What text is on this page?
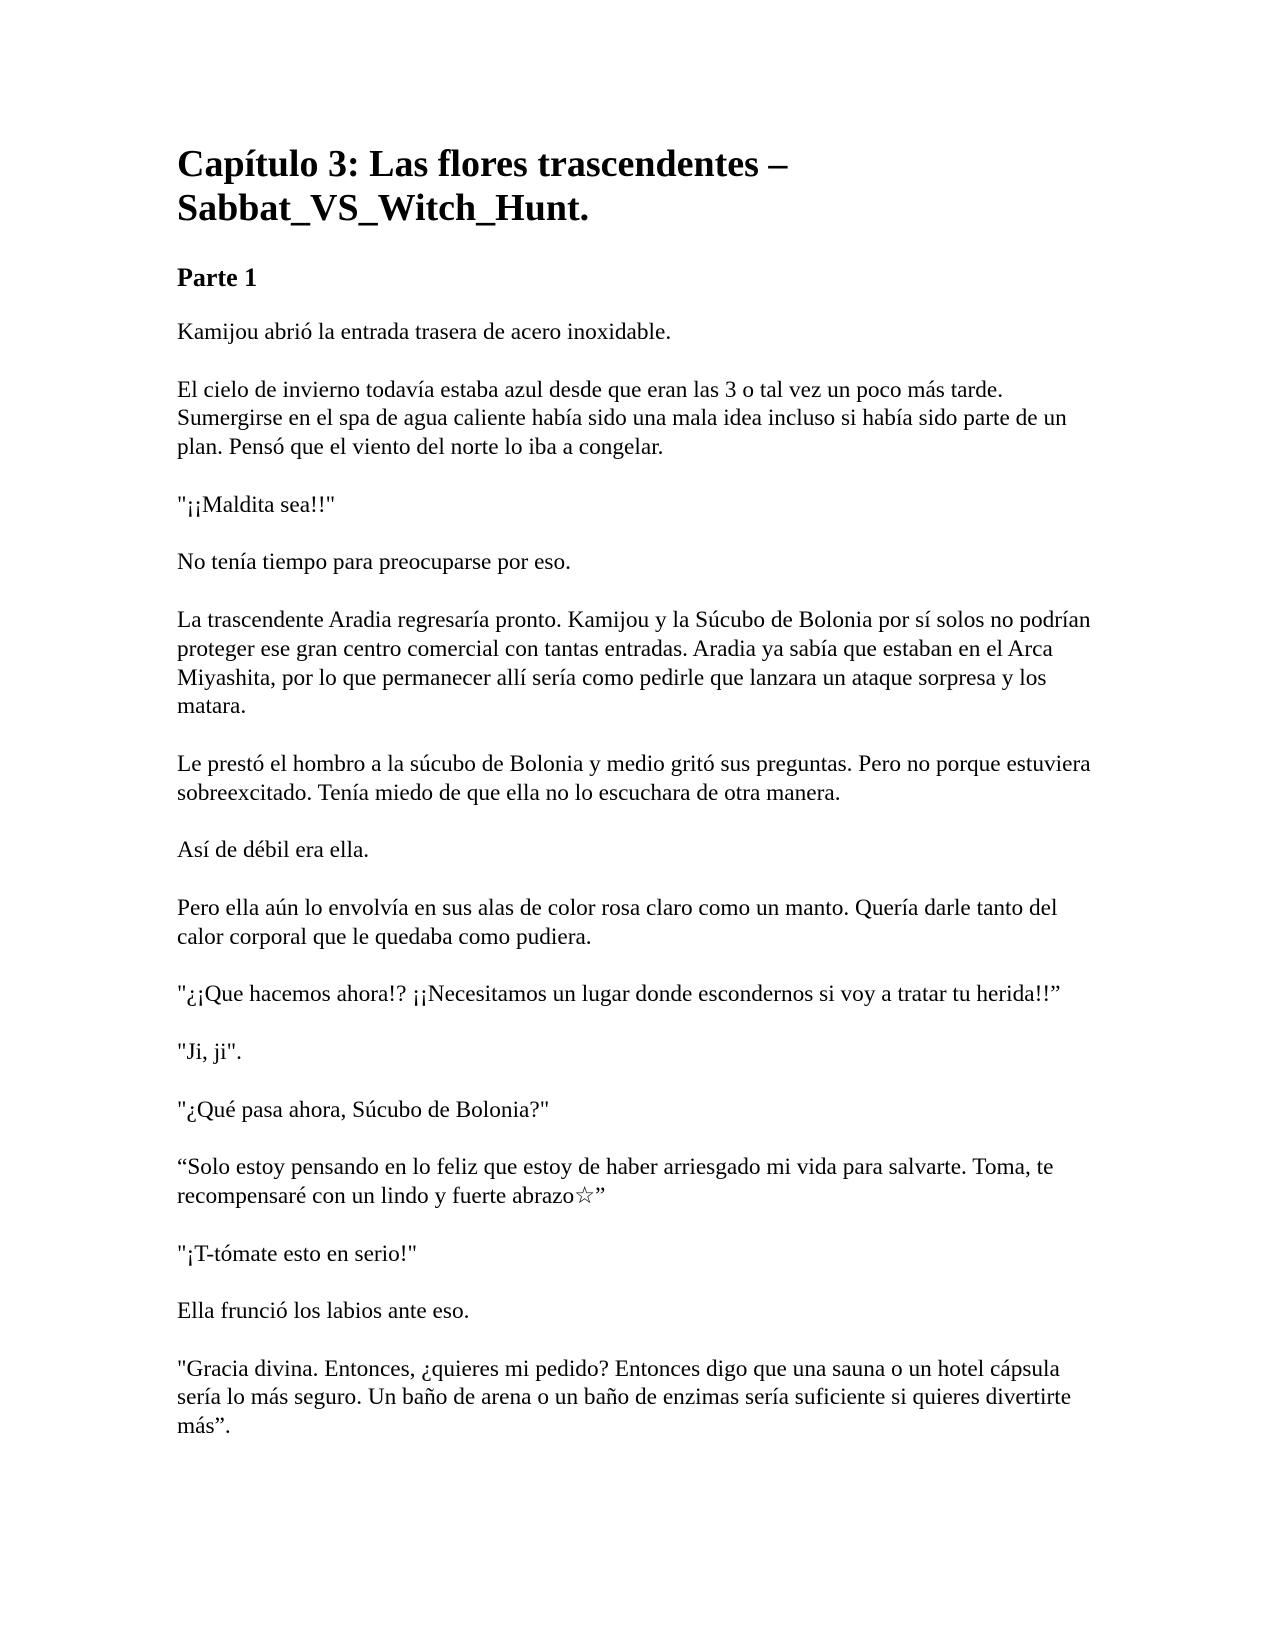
Capítulo 3: Las flores trascendentes –
Sabbat_VS_Witch_Hunt.
Parte 1

Kamijou abrió la entrada trasera de acero inoxidable.

El cielo de invierno todavía estaba azul desde que eran las 3 o tal vez un poco más tarde. Sumergirse en el spa de agua caliente había sido una mala idea incluso si había sido parte de un plan. Pensó que el viento del norte lo iba a congelar.

"¡¡Maldita sea!!"

No tenía tiempo para preocuparse por eso.

La trascendente Aradia regresaría pronto. Kamijou y la Súcubo de Bolonia por sí solos no podrían proteger ese gran centro comercial con tantas entradas. Aradia ya sabía que estaban en el Arca Miyashita, por lo que permanecer allí sería como pedirle que lanzara un ataque sorpresa y los matara.

Le prestó el hombro a la súcubo de Bolonia y medio gritó sus preguntas. Pero no porque estuviera sobreexcitado. Tenía miedo de que ella no lo escuchara de otra manera.

Así de débil era ella.

Pero ella aún lo envolvía en sus alas de color rosa claro como un manto. Quería darle tanto del calor corporal que le quedaba como pudiera.

"¿¡Que hacemos ahora!? ¡¡Necesitamos un lugar donde escondernos si voy a tratar tu herida!!”

"Ji, ji".

"¿Qué pasa ahora, Súcubo de Bolonia?"

“Solo estoy pensando en lo feliz que estoy de haber arriesgado mi vida para salvarte. Toma, te recompensaré con un lindo y fuerte abrazo☆”

"¡T-tómate esto en serio!"

Ella frunció los labios ante eso.

"Gracia divina. Entonces, ¿quieres mi pedido? Entonces digo que una sauna o un hotel cápsula sería lo más seguro. Un baño de arena o un baño de enzimas sería suficiente si quieres divertirte más”.
